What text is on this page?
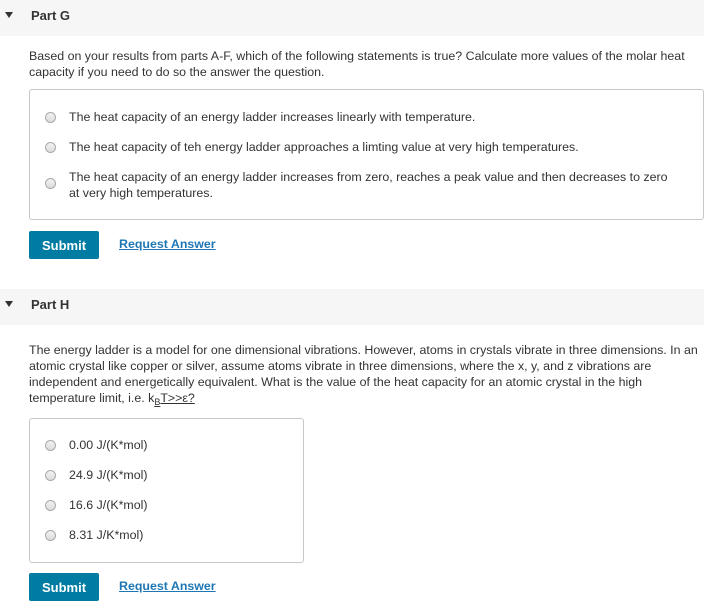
Part G
Based on your results from parts A-F, which of the following statements is true? Calculate more values of the molar heat capacity if you need to do so the answer the question.
The heat capacity of an energy ladder increases linearly with temperature.
The heat capacity of teh energy ladder approaches a limting value at very high temperatures.
The heat capacity of an energy ladder increases from zero, reaches a peak value and then decreases to zero at very high temperatures.
Submit	Request Answer
Part H
The energy ladder is a model for one dimensional vibrations. However, atoms in crystals vibrate in three dimensions. In an atomic crystal like copper or silver, assume atoms vibrate in three dimensions, where the x, y, and z vibrations are independent and energetically equivalent. What is the value of the heat capacity for an atomic crystal in the high temperature limit, i.e. $k_BT>>\varepsilon$?
0.00 J/(K*mol)
24.9 J/(K*mol)
16.6 J/(K*mol)
8.31 J/K*mol)
Submit	Request Answer
